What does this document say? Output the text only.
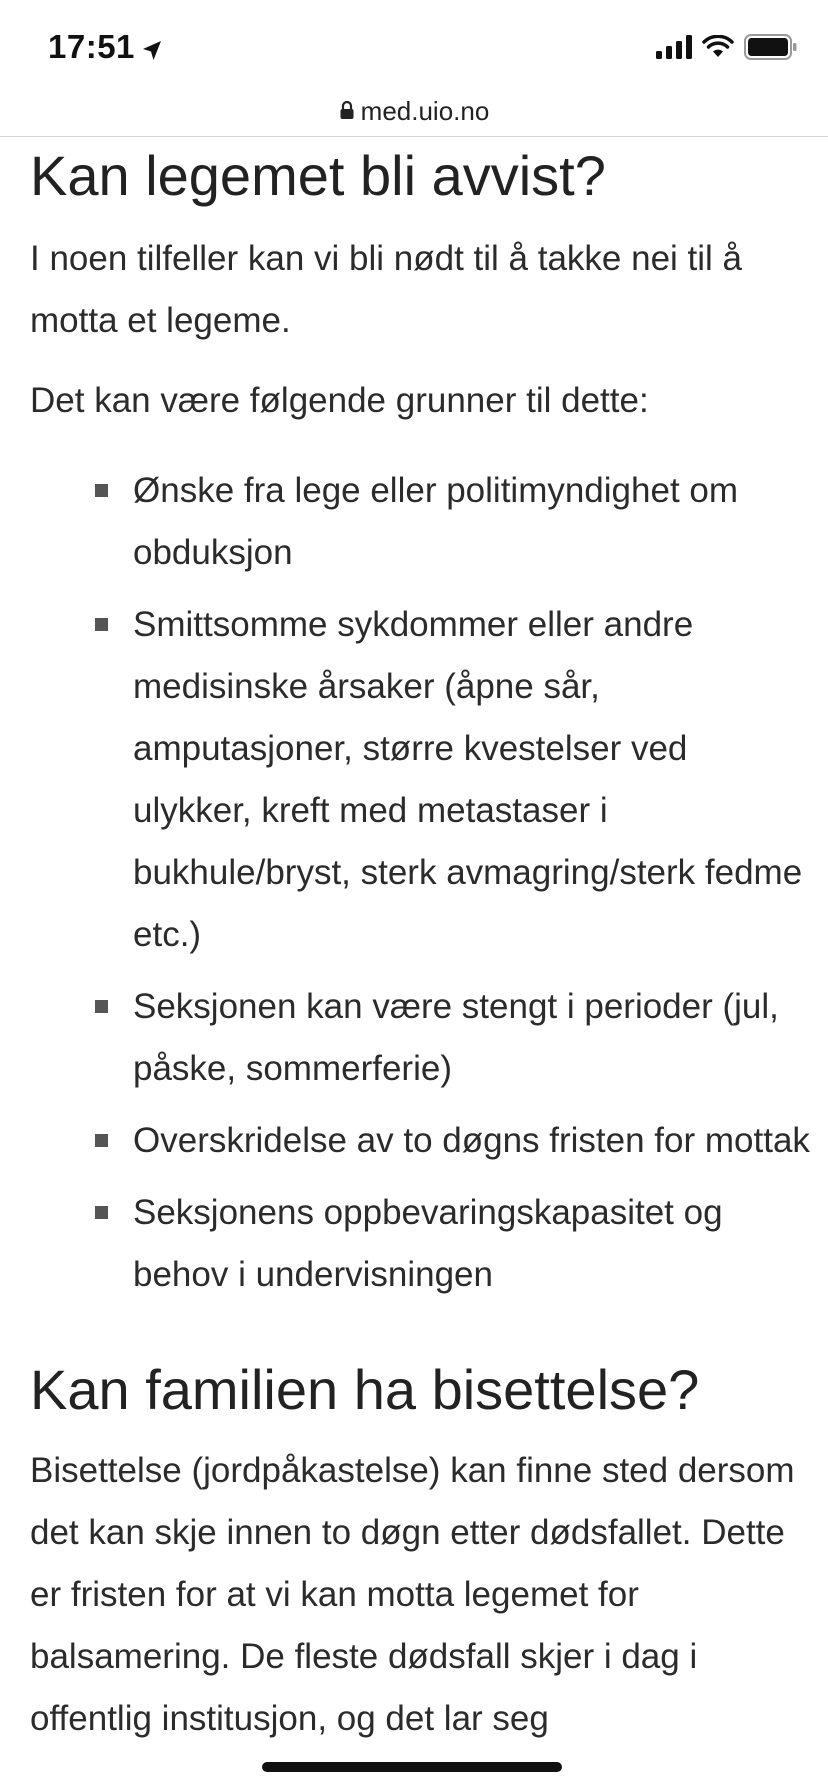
17:51
med.uio.no
Kan legemet bli avvist?

I noen tilfeller kan vi bli nødt til å takke nei til å motta et legeme.

Det kan være følgende grunner til dette:

Ønske fra lege eller politimyndighet om obduksjon
Smittsomme sykdommer eller andre medisinske årsaker (åpne sår, amputasjoner, større kvestelser ved ulykker, kreft med metastaser i bukhule/bryst, sterk avmagring/sterk fedme etc.)
Seksjonen kan være stengt i perioder (jul, påske, sommerferie)
Overskridelse av to døgns fristen for mottak
Seksjonens oppbevaringskapasitet og behov i undervisningen
Kan familien ha bisettelse?

Bisettelse (jordpåkastelse) kan finne sted dersom det kan skje innen to døgn etter dødsfallet. Dette er fristen for at vi kan motta legemet for balsamering. De fleste dødsfall skjer i dag i offentlig institusjon, og det lar seg
